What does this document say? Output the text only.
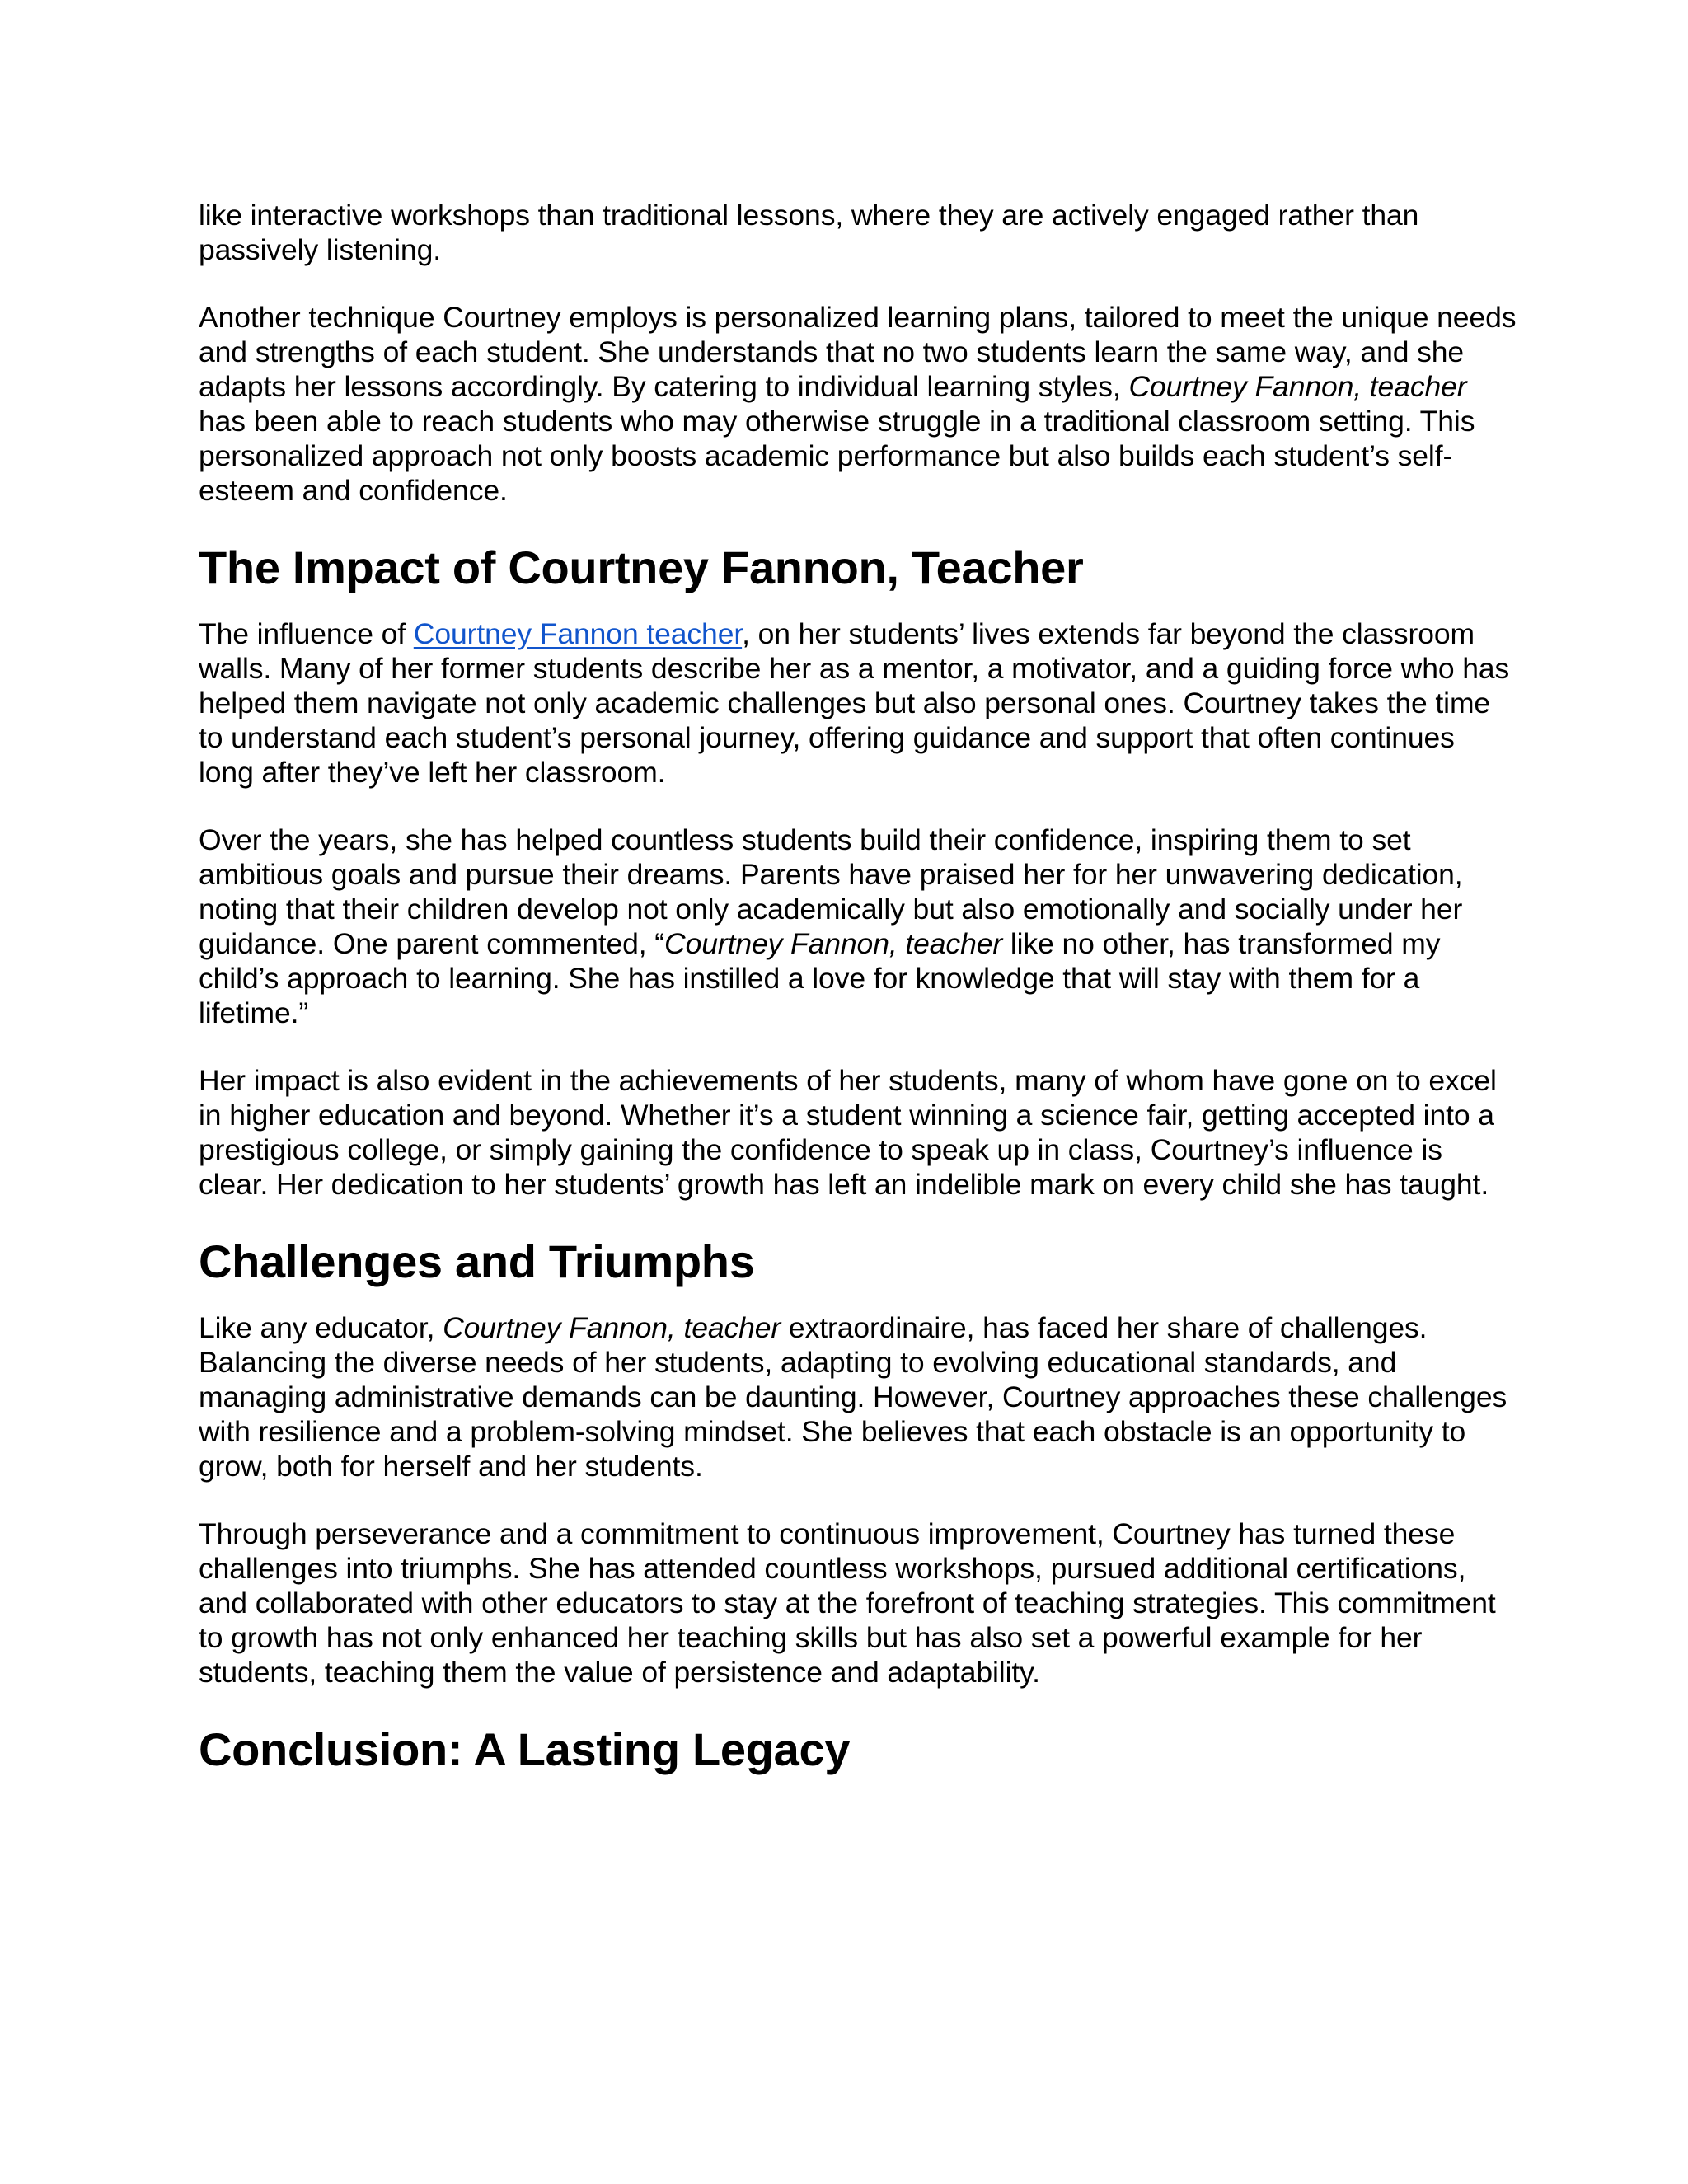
like interactive workshops than traditional lessons, where they are actively engaged rather than passively listening.

Another technique Courtney employs is personalized learning plans, tailored to meet the unique needs and strengths of each student. She understands that no two students learn the same way, and she adapts her lessons accordingly. By catering to individual learning styles, Courtney Fannon, teacher has been able to reach students who may otherwise struggle in a traditional classroom setting. This personalized approach not only boosts academic performance but also builds each student’s self-esteem and confidence.

The Impact of Courtney Fannon, Teacher

The influence of Courtney Fannon teacher, on her students’ lives extends far beyond the classroom walls. Many of her former students describe her as a mentor, a motivator, and a guiding force who has helped them navigate not only academic challenges but also personal ones. Courtney takes the time to understand each student’s personal journey, offering guidance and support that often continues long after they’ve left her classroom.

Over the years, she has helped countless students build their confidence, inspiring them to set ambitious goals and pursue their dreams. Parents have praised her for her unwavering dedication, noting that their children develop not only academically but also emotionally and socially under her guidance. One parent commented, “Courtney Fannon, teacher like no other, has transformed my child’s approach to learning. She has instilled a love for knowledge that will stay with them for a lifetime.”

Her impact is also evident in the achievements of her students, many of whom have gone on to excel in higher education and beyond. Whether it’s a student winning a science fair, getting accepted into a prestigious college, or simply gaining the confidence to speak up in class, Courtney’s influence is clear. Her dedication to her students’ growth has left an indelible mark on every child she has taught.

Challenges and Triumphs

Like any educator, Courtney Fannon, teacher extraordinaire, has faced her share of challenges. Balancing the diverse needs of her students, adapting to evolving educational standards, and managing administrative demands can be daunting. However, Courtney approaches these challenges with resilience and a problem-solving mindset. She believes that each obstacle is an opportunity to grow, both for herself and her students.

Through perseverance and a commitment to continuous improvement, Courtney has turned these challenges into triumphs. She has attended countless workshops, pursued additional certifications, and collaborated with other educators to stay at the forefront of teaching strategies. This commitment to growth has not only enhanced her teaching skills but has also set a powerful example for her students, teaching them the value of persistence and adaptability.

Conclusion: A Lasting Legacy
